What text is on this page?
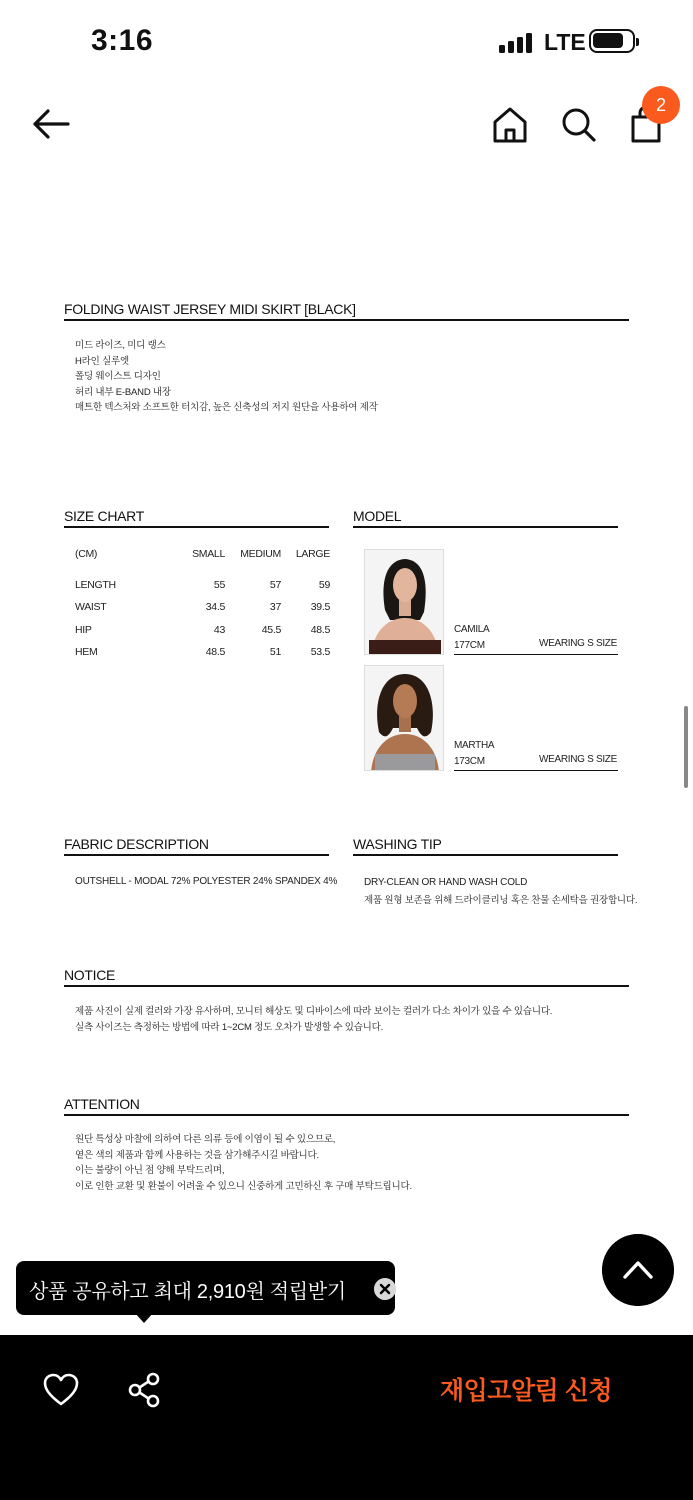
3:16	LTE
2
FOLDING WAIST JERSEY MIDI SKIRT [BLACK]

미드 라이즈, 미디 랭스

H라인 실루엣

폴딩 웨이스트 디자인

허리 내부 E-BAND 내장

매트한 텍스처와 소프트한 터치감, 높은 신축성의 저지 원단을 사용하여 제작

SIZE CHART
(CM)	SMALL MEDIUM LARGE
LENGTH	55	57	59
WAIST	34.5	37	39.5
HIP	43	45.5	48.5
HEM	48.5	51	53.5
MODEL
CAMILA
177CM	WEARING S SIZE
MARTHA
173CM	WEARING S SIZE
FABRIC DESCRIPTION

OUTSHELL - MODAL 72% POLYESTER 24% SPANDEX 4%

WASHING TIP

DRY-CLEAN OR HAND WASH COLD

제품 원형 보존을 위해 드라이클리닝 혹은 찬물 손세탁을 권장합니다.

NOTICE

제품 사진이 실제 컬러와 가장 유사하며, 모니터 해상도 및 디바이스에 따라 보이는 컬러가 다소 차이가 있을 수 있습니다.

실측 사이즈는 측정하는 방법에 따라 1~2CM 정도 오차가 발생할 수 있습니다.

ATTENTION

원단 특성상 마찰에 의하여 다른 의류 등에 이염이 될 수 있으므로,

옅은 색의 제품과 함께 사용하는 것을 삼가해주시길 바랍니다.

이는 불량이 아닌 점 양해 부탁드리며,

이로 인한 교환 및 환불이 어려울 수 있으니 신중하게 고민하신 후 구매 부탁드립니다.

상품 공유하고 최대 2,910원 적립받기
재입고알림 신청
